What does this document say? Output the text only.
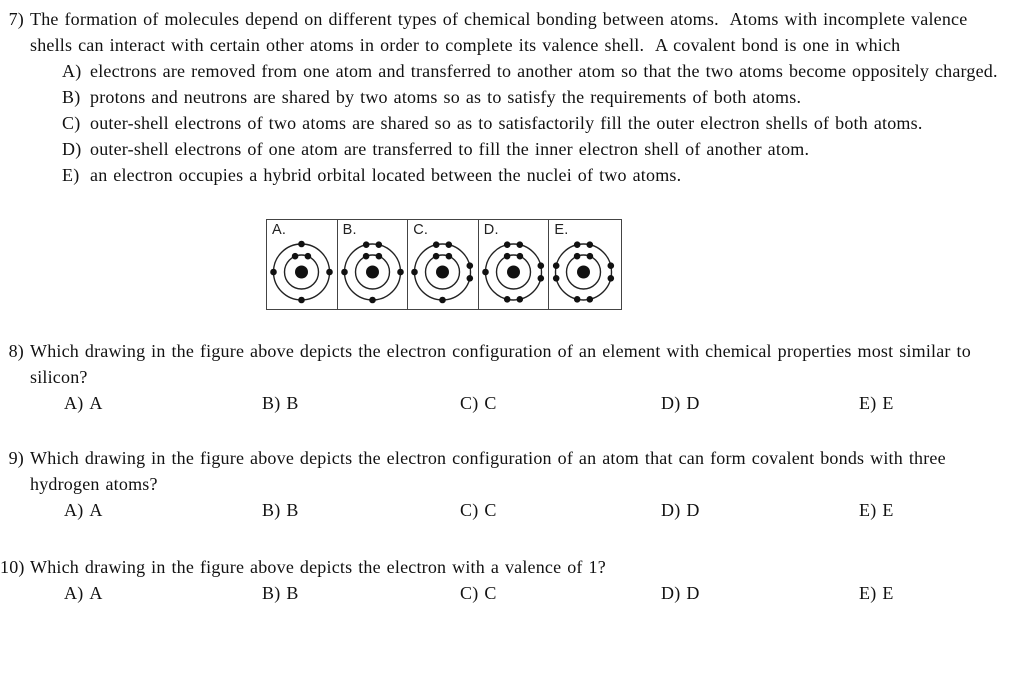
7) The formation of molecules depend on different types of chemical bonding between atoms.  Atoms with incomplete valence shells can interact with certain other atoms in order to complete its valence shell.  A covalent bond is one in which
A) electrons are removed from one atom and transferred to another atom so that the two atoms become oppositely charged.
B) protons and neutrons are shared by two atoms so as to satisfy the requirements of both atoms.
C) outer-shell electrons of two atoms are shared so as to satisfactorily fill the outer electron shells of both atoms.
D) outer-shell electrons of one atom are transferred to fill the inner electron shell of another atom.
E) an electron occupies a hybrid orbital located between the nuclei of two atoms.
A.	B.	C.	D.	E.
8) Which drawing in the figure above depicts the electron configuration of an element with chemical properties most similar to silicon?
A) A	B) B	C) C	D) D	E) E
9) Which drawing in the figure above depicts the electron configuration of an atom that can form covalent bonds with three hydrogen atoms?
A) A	B) B	C) C	D) D	E) E
10) Which drawing in the figure above depicts the electron with a valence of 1?
A) A	B) B	C) C	D) D	E) E
